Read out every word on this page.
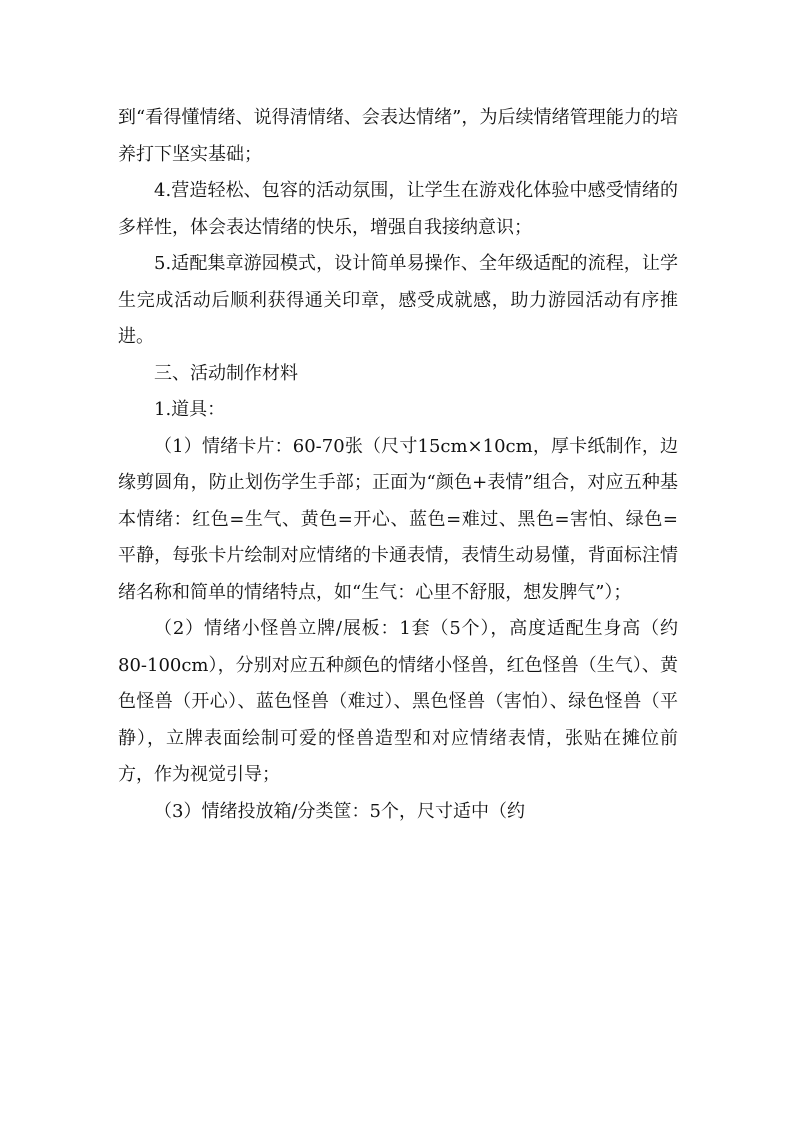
到“看得懂情绪、说得清情绪、会表达情绪”，为后续情绪管理能力的培养打下坚实基础；

4.营造轻松、包容的活动氛围，让学生在游戏化体验中感受情绪的多样性，体会表达情绪的快乐，增强自我接纳意识；

5.适配集章游园模式，设计简单易操作、全年级适配的流程，让学生完成活动后顺利获得通关印章，感受成就感，助力游园活动有序推进。

三、活动制作材料

1.道具：

（1）情绪卡片：60-70张（尺寸15cm×10cm，厚卡纸制作，边缘剪圆角，防止划伤学生手部；正面为“颜色+表情”组合，对应五种基本情绪：红色=生气、黄色=开心、蓝色=难过、黑色=害怕、绿色=平静，每张卡片绘制对应情绪的卡通表情，表情生动易懂，背面标注情绪名称和简单的情绪特点，如“生气：心里不舒服，想发脾气”）；

（2）情绪小怪兽立牌/展板：1套（5个），高度适配生身高（约80-100cm），分别对应五种颜色的情绪小怪兽，红色怪兽（生气）、黄色怪兽（开心）、蓝色怪兽（难过）、黑色怪兽（害怕）、绿色怪兽（平静），立牌表面绘制可爱的怪兽造型和对应情绪表情，张贴在摊位前方，作为视觉引导；

（3）情绪投放箱/分类筐：5个，尺寸适中（约
